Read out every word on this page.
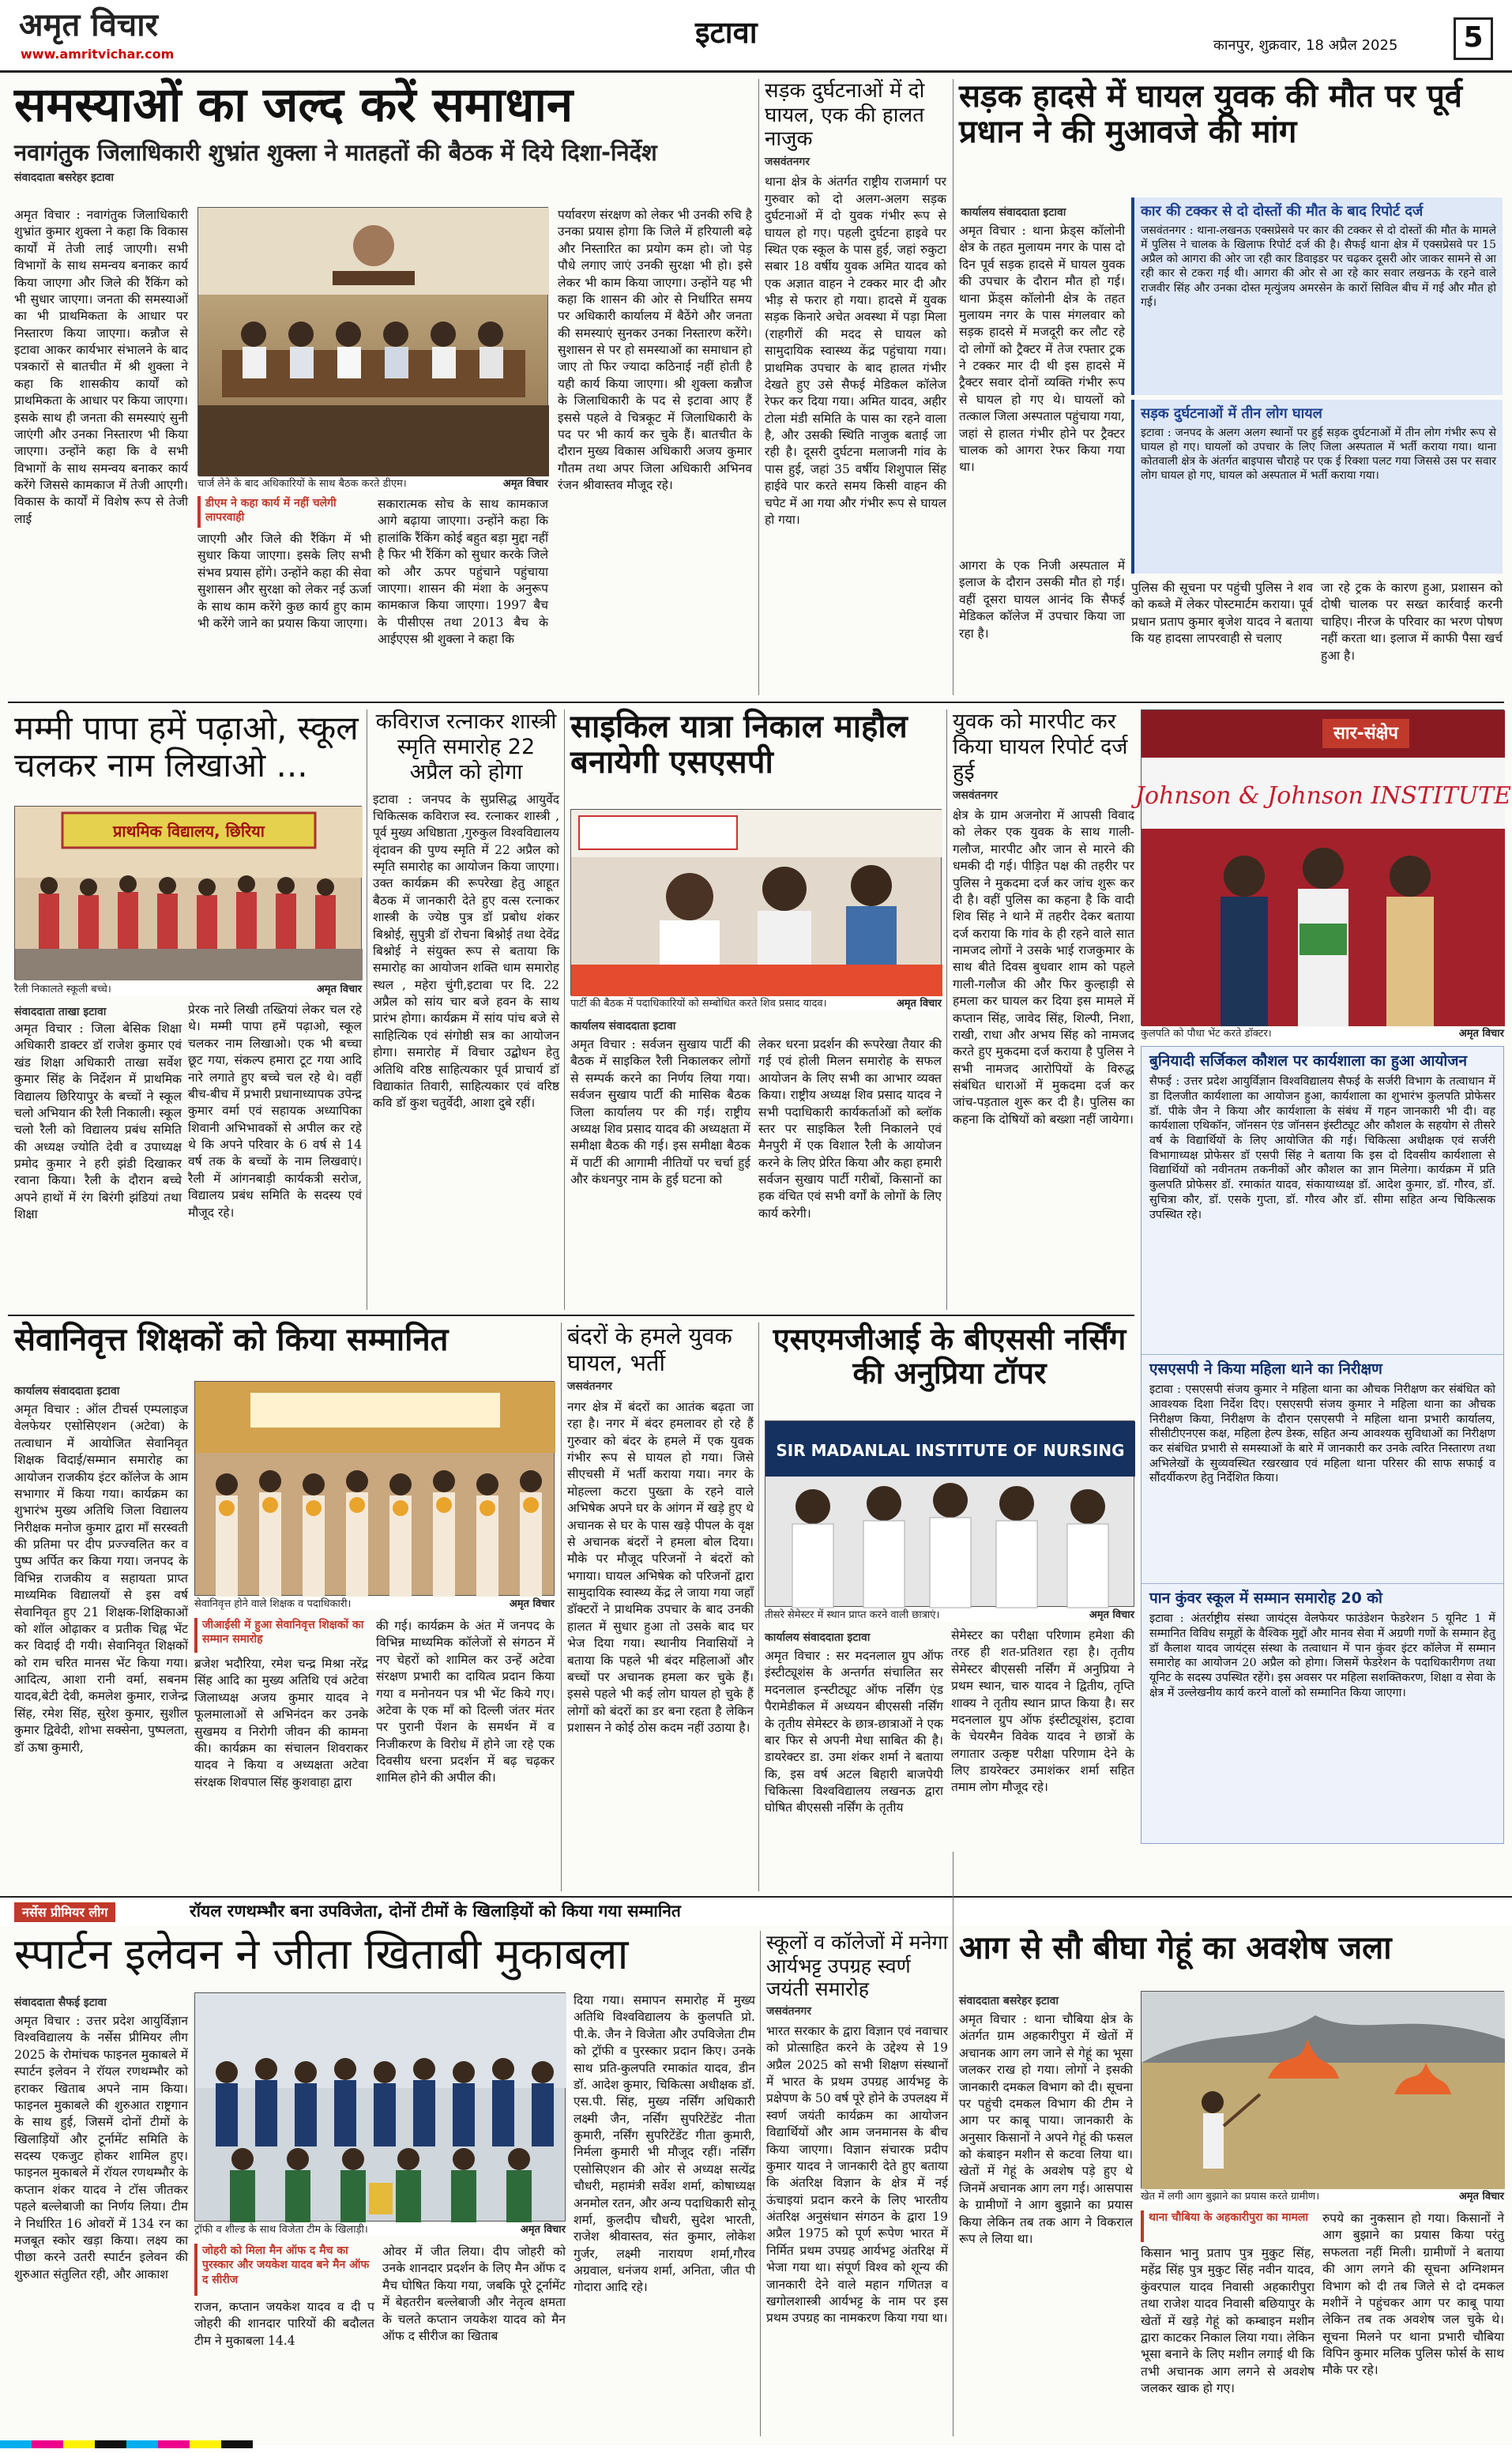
अमृत विचार
www.amritvichar.com
इटावा	कानपुर, शुक्रवार, 18 अप्रैल 2025	5
समस्याओं का जल्द करें समाधान
नवागंतुक जिलाधिकारी शुभ्रांत शुक्ला ने मातहतों की बैठक में दिये दिशा-निर्देश
संवाददाता बसरेहर इटावा
अमृत विचार : नवागंतुक जिलाधिकारी शुभ्रांत कुमार शुक्ला ने कहा कि विकास कार्यों में तेजी लाई जाएगी। सभी विभागों के साथ समन्वय बनाकर कार्य किया जाएगा और जिले की रैंकिंग को भी सुधार जाएगा। जनता की समस्याओं का भी प्राथमिकता के आधार पर निस्तारण किया जाएगा। कन्नौज से इटावा आकर कार्यभार संभालने के बाद पत्रकारों से बातचीत में श्री शुक्ला ने कहा कि शासकीय कार्यों को प्राथमिकता के आधार पर किया जाएगा। इसके साथ ही जनता की समस्याएं सुनी जाएंगी और उनका निस्तारण भी किया जाएगा। उन्होंने कहा कि वे सभी विभागों के साथ समन्वय बनाकर कार्य करेंगे जिससे कामकाज में तेजी आएगी। विकास के कार्यों में विशेष रूप से तेजी लाई
चार्ज लेने के बाद अधिकारियों के साथ बैठक करते डीएम।	अमृत विचार
पर्यावरण संरक्षण को लेकर भी उनकी रुचि है उनका प्रयास होगा कि जिले में हरियाली बढ़े और निस्तारित का प्रयोग कम हो। जो पेड़ पौधे लगाए जाएं उनकी सुरक्षा भी हो। इसे लेकर भी काम किया जाएगा। उन्होंने यह भी कहा कि शासन की ओर से निर्धारित समय पर अधिकारी कार्यालय में बैठेंगे और जनता की समस्याएं सुनकर उनका निस्तारण करेंगे। सुशासन से पर हो समस्याओं का समाधान हो जाए तो फिर ज्यादा कठिनाई नहीं होती है यही कार्य किया जाएगा। श्री शुक्ला कन्नौज के जिलाधिकारी के पद से इटावा आए हैं इससे पहले वे चित्रकूट में जिलाधिकारी के पद पर भी कार्य कर चुके हैं। बातचीत के दौरान मुख्य विकास अधिकारी अजय कुमार गौतम तथा अपर जिला अधिकारी अभिनव रंजन श्रीवास्तव मौजूद रहे।
डीएम ने कहा कार्य में नहीं चलेगी लापरवाही
जाएगी और जिले की रैंकिंग में भी सुधार किया जाएगा। इसके लिए सभी संभव प्रयास होंगे। उन्होंने कहा की सेवा सुशासन और सुरक्षा को लेकर नई ऊर्जा के साथ काम करेंगे कुछ कार्य हुए काम भी करेंगे जाने का प्रयास किया जाएगा।
सकारात्मक सोच के साथ कामकाज आगे बढ़ाया जाएगा। उन्होंने कहा कि हालांकि रैंकिंग कोई बहुत बड़ा मुद्दा नहीं है फिर भी रैंकिंग को सुधार करके जिले को और ऊपर पहुंचाने पहुंचाया जाएगा। शासन की मंशा के अनुरूप कामकाज किया जाएगा। 1997 बैच के पीसीएस तथा 2013 बैच के आईएएस श्री शुक्ला ने कहा कि
सड़क दुर्घटनाओं में दो घायल, एक की हालत नाजुक
जसवंतनगर
थाना क्षेत्र के अंतर्गत राष्ट्रीय राजमार्ग पर गुरुवार को दो अलग-अलग सड़क दुर्घटनाओं में दो युवक गंभीर रूप से घायल हो गए। पहली दुर्घटना हाइवे पर स्थित एक स्कूल के पास हुई, जहां रुकुटा सबार 18 वर्षीय युवक अमित यादव को एक अज्ञात वाहन ने टक्कर मार दी और भीड़ से फरार हो गया। हादसे में युवक सड़क किनारे अचेत अवस्था में पड़ा मिला (राहगीरों की मदद से घायल को सामुदायिक स्वास्थ्य केंद्र पहुंचाया गया। प्राथमिक उपचार के बाद हालत गंभीर देखते हुए उसे सैफई मेडिकल कॉलेज रेफर कर दिया गया। अमित यादव, अहीर टोला मंडी समिति के पास का रहने वाला है, और उसकी स्थिति नाजुक बताई जा रही है। दूसरी दुर्घटना मलाजनी गांव के पास हुई, जहां 35 वर्षीय शिशुपाल सिंह हाईवे पार करते समय किसी वाहन की चपेट में आ गया और गंभीर रूप से घायल हो गया।
सड़क हादसे में घायल युवक की मौत पर पूर्व प्रधान ने की मुआवजे की मांग
कार्यालय संवाददाता इटावा
अमृत विचार : थाना फ्रेड्स कॉलोनी क्षेत्र के तहत मुलायम नगर के पास दो दिन पूर्व सड़क हादसे में घायल युवक की उपचार के दौरान मौत हो गई। थाना फ्रेंड्स कॉलोनी क्षेत्र के तहत मुलायम नगर के पास मंगलवार को सड़क हादसे में मजदूरी कर लौट रहे दो लोगों को ट्रैक्टर में तेज रफ्तार ट्रक ने टक्कर मार दी थी इस हादसे में ट्रैक्टर सवार दोनों व्यक्ति गंभीर रूप से घायल हो गए थे। घायलों को तत्काल जिला अस्पताल पहुंचाया गया, जहां से हालत गंभीर होने पर ट्रैक्टर चालक को आगरा रेफर किया गया था।
आगरा के एक निजी अस्पताल में इलाज के दौरान उसकी मौत हो गई। वहीं दूसरा घायल आनंद कि सैफई मेडिकल कॉलेज में उपचार किया जा रहा है।
कार की टक्कर से दो दोस्तों की मौत के बाद रिपोर्ट दर्ज

जसवंतनगर : थाना-लखनऊ एक्सप्रेसवे पर कार की टक्कर से दो दोस्तों की मौत के मामले में पुलिस ने चालक के खिलाफ रिपोर्ट दर्ज की है। सैफई थाना क्षेत्र में एक्सप्रेसवे पर 15 अप्रैल को आगरा की ओर जा रही कार डिवाइडर पर चढ़कर दूसरी ओर जाकर सामने से आ रही कार से टकरा गई थी। आगरा की ओर से आ रहे कार सवार लखनऊ के रहने वाले राजवीर सिंह और उनका दोस्त मृत्युंजय अमरसेन के कारों सिविल बीच में गई और मौत हो गई।

सड़क दुर्घटनाओं में तीन लोग घायल

इटावा : जनपद के अलग अलग स्थानों पर हुई सड़क दुर्घटनाओं में तीन लोग गंभीर रूप से घायल हो गए। घायलों को उपचार के लिए जिला अस्पताल में भर्ती कराया गया। थाना कोतवाली क्षेत्र के अंतर्गत बाइपास चौराहे पर एक ई रिक्शा पलट गया जिससे उस पर सवार लोग घायल हो गए, घायल को अस्पताल में भर्ती कराया गया।

पुलिस की सूचना पर पहुंची पुलिस ने शव को कब्जे में लेकर पोस्टमार्टम कराया। पूर्व प्रधान प्रताप कुमार बृजेश यादव ने बताया कि यह हादसा लापरवाही से चलाए
जा रहे ट्रक के कारण हुआ, प्रशासन को दोषी चालक पर सख्त कार्रवाई करनी चाहिए। नीरज के परिवार का भरण पोषण नहीं करता था। इलाज में काफी पैसा खर्च हुआ है।
मम्मी पापा हमें पढ़ाओ, स्कूल चलकर नाम लिखाओ ...
प्राथमिक विद्यालय, छिरिया
रैली निकालते स्कूली बच्चे।	अमृत विचार
संवाददाता ताखा इटावा
अमृत विचार : जिला बेसिक शिक्षा अधिकारी डाक्टर डॉ राजेश कुमार एवं खंड शिक्षा अधिकारी ताखा सर्वेश कुमार सिंह के निर्देशन में प्राथमिक विद्यालय छिरियापुर के बच्चों ने स्कूल चलो अभियान की रैली निकाली। स्कूल चलो रैली को विद्यालय प्रबंध समिति की अध्यक्ष ज्योति देवी व उपाध्यक्ष प्रमोद कुमार ने हरी झंडी दिखाकर रवाना किया। रैली के दौरान बच्चे अपने हाथों में रंग बिरंगी झंडियां तथा शिक्षा
प्रेरक नारे लिखी तख्तियां लेकर चल रहे थे। मम्मी पापा हमें पढ़ाओ, स्कूल चलकर नाम लिखाओ। एक भी बच्चा छूट गया, संकल्प हमारा टूट गया आदि नारे लगाते हुए बच्चे चल रहे थे। वहीं बीच-बीच में प्रभारी प्रधानाध्यापक उपेन्द्र कुमार वर्मा एवं सहायक अध्यापिका शिवानी अभिभावकों से अपील कर रहे थे कि अपने परिवार के 6 वर्ष से 14 वर्ष तक के बच्चों के नाम लिखवाएं। रैली में आंगनबाड़ी कार्यकत्री सरोज, विद्यालय प्रबंध समिति के सदस्य एवं मौजूद रहे।
कविराज रत्नाकर शास्त्री स्मृति समारोह 22 अप्रैल को होगा
इटावा : जनपद के सुप्रसिद्ध आयुर्वेद चिकित्सक कविराज स्व. रत्नाकर शास्त्री , पूर्व मुख्य अधिष्ठाता ,गुरुकुल विश्वविद्यालय वृंदावन की पुण्य स्मृति में 22 अप्रैल को स्मृति समारोह का आयोजन किया जाएगा। उक्त कार्यक्रम की रूपरेखा हेतु आहूत बैठक में जानकारी देते हुए वत्स रत्नाकर शास्त्री के ज्येष्ठ पुत्र डॉ प्रबोध शंकर बिश्नोई, सुपुत्री डॉ रोचना बिश्नोई तथा देवेंद्र बिश्नोई ने संयुक्त रूप से बताया कि समारोह का आयोजन शक्ति धाम समारोह स्थल , महेरा चुंगी,इटावा पर दि. 22 अप्रैल को सांय चार बजे हवन के साथ प्रारंभ होगा। कार्यक्रम में सांय पांच बजे से साहित्यिक एवं संगोष्ठी सत्र का आयोजन होगा। समारोह में विचार उद्बोधन हेतु अतिथि वरिष्ठ साहित्यकार पूर्व प्राचार्य डॉ विद्याकांत तिवारी, साहित्यकार एवं वरिष्ठ कवि डॉ कुश चतुर्वेदी, आशा दुबे रहीं।
साइकिल यात्रा निकाल माहौल बनायेगी एसएसपी
पार्टी की बैठक में पदाधिकारियों को सम्बोधित करते शिव प्रसाद यादव।	अमृत विचार
कार्यालय संवाददाता इटावा
अमृत विचार : सर्वजन सुखाय पार्टी की बैठक में साइकिल रैली निकालकर लोगों से सम्पर्क करने का निर्णय लिया गया। सर्वजन सुखाय पार्टी की मासिक बैठक जिला कार्यालय पर की गई। राष्ट्रीय अध्यक्ष शिव प्रसाद यादव की अध्यक्षता में समीक्षा बैठक की गई। इस समीक्षा बैठक में पार्टी की आगामी नीतियों पर चर्चा हुई और कंधनपुर नाम के हुई घटना को
लेकर धरना प्रदर्शन की रूपरेखा तैयार की गई एवं होली मिलन समारोह के सफल आयोजन के लिए सभी का आभार व्यक्त किया। राष्ट्रीय अध्यक्ष शिव प्रसाद यादव ने सभी पदाधिकारी कार्यकर्ताओं को ब्लॉक स्तर पर साइकिल रैली निकालने एवं मैनपुरी में एक विशाल रैली के आयोजन करने के लिए प्रेरित किया और कहा हमारी सर्वजन सुखाय पार्टी गरीबों, किसानों का हक वंचित एवं सभी वर्गों के लोगों के लिए कार्य करेगी।
युवक को मारपीट कर किया घायल रिपोर्ट दर्ज हुई
जसवंतनगर
क्षेत्र के ग्राम अजनोरा में आपसी विवाद को लेकर एक युवक के साथ गाली-गलौज, मारपीट और जान से मारने की धमकी दी गई। पीड़ित पक्ष की तहरीर पर पुलिस ने मुकदमा दर्ज कर जांच शुरू कर दी है। वहीं पुलिस का कहना है कि वादी शिव सिंह ने थाने में तहरीर देकर बताया दर्ज कराया कि गांव के ही रहने वाले सात नामजद लोगों ने उसके भाई राजकुमार के साथ बीते दिवस बुधवार शाम को पहले गाली-गलौज की और फिर कुल्हाड़ी से हमला कर घायल कर दिया इस मामले में कप्तान सिंह, जावेद सिंह, शिल्पी, निशा, राखी, राधा और अभय सिंह को नामजद करते हुए मुकदमा दर्ज कराया है पुलिस ने सभी नामजद आरोपियों के विरुद्ध संबंधित धाराओं में मुकदमा दर्ज कर जांच-पड़ताल शुरू कर दी है। पुलिस का कहना कि दोषियों को बख्शा नहीं जायेगा।
Johnson & Johnson INSTITUTE
सार-संक्षेप
कुलपति को पौधा भेंट करते डॉक्टर।	अमृत विचार
बुनियादी सर्जिकल कौशल पर कार्यशाला का हुआ आयोजन

सैफई : उत्तर प्रदेश आयुर्विज्ञान विश्वविद्यालय सैफई के सर्जरी विभाग के तत्वाधान में डा दिलजीत कार्यशाला का आयोजन हुआ, कार्यशाला का शुभारंभ कुलपति प्रोफेसर डॉ. पीके जैन ने किया और कार्यशाला के संबंध में गहन जानकारी भी दी। वह कार्यशाला एथिकॉन, जॉनसन एंड जॉनसन इंस्टीट्यूट और कौशल के सहयोग से तीसरे वर्ष के विद्यार्थियों के लिए आयोजित की गई। चिकित्सा अधीक्षक एवं सर्जरी विभागाध्यक्ष प्रोफेसर डॉ एसपी सिंह ने बताया कि इस दो दिवसीय कार्यशाला से विद्यार्थियों को नवीनतम तकनीकों और कौशल का ज्ञान मिलेगा। कार्यक्रम में प्रति कुलपति प्रोफेसर डॉ. रमाकांत यादव, संकायाध्यक्ष डॉ. आदेश कुमार, डॉ. गौरव, डॉ. सुचित्रा कौर, डॉ. एसके गुप्ता, डॉ. गौरव और डॉ. सीमा सहित अन्य चिकित्सक उपस्थित रहे।

एसएसपी ने किया महिला थाने का निरीक्षण

इटावा : एसएसपी संजय कुमार ने महिला थाना का औचक निरीक्षण कर संबंधित को आवश्यक दिशा निर्देश दिए। एसएसपी संजय कुमार ने महिला थाना का औचक निरीक्षण किया, निरीक्षण के दौरान एसएसपी ने महिला थाना प्रभारी कार्यालय, सीसीटीएनएस कक्ष, महिला हेल्प डेस्क, सहित अन्य आवश्यक सुविधाओं का निरीक्षण कर संबंधित प्रभारी से समस्याओं के बारे में जानकारी कर उनके त्वरित निस्तारण तथा अभिलेखों के सुव्यवस्थित रखरखाव एवं महिला थाना परिसर की साफ सफाई व सौंदर्यीकरण हेतु निर्देशित किया।

पान कुंवर स्कूल में सम्मान समारोह 20 को

इटावा : अंतर्राष्ट्रीय संस्था जायंट्स वेलफेयर फाउंडेशन फेडरेशन 5 यूनिट 1 में सम्मानित विविध समूहों के वैश्विक मुद्दों और मानव सेवा में अग्रणी गणों के सम्मान हेतु डॉ कैलाश यादव जायंट्स संस्था के तत्वाधान में पान कुंवर इंटर कॉलेज में सम्मान समारोह का आयोजन 20 अप्रैल को होगा। जिसमें फेडरेशन के पदाधिकारीगण तथा यूनिट के सदस्य उपस्थित रहेंगे। इस अवसर पर महिला सशक्तिकरण, शिक्षा व सेवा के क्षेत्र में उल्लेखनीय कार्य करने वालों को सम्मानित किया जाएगा।

सेवानिवृत्त शिक्षकों को किया सम्मानित
कार्यालय संवाददाता इटावा
अमृत विचार : ऑल टीचर्स एम्पलाइज वेलफेयर एसोसिएशन (अटेवा) के तत्वाधान में आयोजित सेवानिवृत शिक्षक विदाई/सम्मान समारोह का आयोजन राजकीय इंटर कॉलेज के आम सभागार में किया गया। कार्यक्रम का शुभारंभ मुख्य अतिथि जिला विद्यालय निरीक्षक मनोज कुमार द्वारा माँ सरस्वती की प्रतिमा पर दीप प्रज्ज्वलित कर व पुष्प अर्पित कर किया गया। जनपद के विभिन्न राजकीय व सहायता प्राप्त माध्यमिक विद्यालयों से इस वर्ष सेवानिवृत हुए 21 शिक्षक-शिक्षिकाओं को शॉल ओढ़ाकर व प्रतीक चिह्न भेंट कर विदाई दी गयी। सेवानिवृत शिक्षकों को राम चरित मानस भेंट किया गया। आदित्य, आशा रानी वर्मा, सबनम यादव,बेटी देवी, कमलेश कुमार, राजेन्द्र सिंह, रमेश सिंह, सुरेश कुमार, सुशील कुमार द्विवेदी, शोभा सक्सेना, पुष्पलता, डॉ ऊषा कुमारी,
सेवानिवृत्त होने वाले शिक्षक व पदाधिकारी।	अमृत विचार
जीआईसी में हुआ सेवानिवृत्त शिक्षकों का सम्मान समारोह
ब्रजेश भदौरिया, रमेश चन्द्र मिश्रा नरेंद्र सिंह आदि का मुख्य अतिथि एवं अटेवा जिलाध्यक्ष अजय कुमार यादव ने फूलमालाओं से अभिनंदन कर उनके सुखमय व निरोगी जीवन की कामना की। कार्यक्रम का संचालन शिवराकर यादव ने किया व अध्यक्षता अटेवा संरक्षक शिवपाल सिंह कुशवाहा द्वारा
की गई। कार्यक्रम के अंत में जनपद के विभिन्न माध्यमिक कॉलेजों से संगठन में नए चेहरों को शामिल कर उन्हें अटेवा संरक्षण प्रभारी का दायित्व प्रदान किया गया व मनोनयन पत्र भी भेंट किये गए। अटेवा के एक माँ को दिल्ली जंतर मंतर पर पुरानी पेंशन के समर्थन में व निजीकरण के विरोध में होने जा रहे एक दिवसीय धरना प्रदर्शन में बढ़ चढ़कर शामिल होने की अपील की।
बंदरों के हमले युवक घायल, भर्ती
जसवंतनगर
नगर क्षेत्र में बंदरों का आतंक बढ़ता जा रहा है। नगर में बंदर हमलावर हो रहे हैं गुरुवार को बंदर के हमले में एक युवक गंभीर रूप से घायल हो गया। जिसे सीएचसी में भर्ती कराया गया। नगर के मोहल्ला कटरा पुख्ता के रहने वाले अभिषेक अपने घर के आंगन में खड़े हुए थे अचानक से घर के पास खड़े पीपल के वृक्ष से अचानक बंदरों ने हमला बोल दिया। मौके पर मौजूद परिजनों ने बंदरों को भगाया। घायल अभिषेक को परिजनों द्वारा सामुदायिक स्वास्थ्य केंद्र ले जाया गया जहाँ डॉक्टरों ने प्राथमिक उपचार के बाद उनकी हालत में सुधार हुआ तो उसके बाद घर भेज दिया गया। स्थानीय निवासियों ने बताया कि पहले भी बंदर महिलाओं और बच्चों पर अचानक हमला कर चुके हैं। इससे पहले भी कई लोग घायल हो चुके हैं लोगों को बंदरों का डर बना रहता है लेकिन प्रशासन ने कोई ठोस कदम नहीं उठाया है।
एसएमजीआई के बीएससी नर्सिंग की अनुप्रिया टॉपर
SIR MADANLAL INSTITUTE OF NURSING
तीसरे सेमेस्टर में स्थान प्राप्त करने वाली छात्राएं।	अमृत विचार
कार्यालय संवाददाता इटावा
अमृत विचार : सर मदनलाल ग्रुप ऑफ इंस्टीट्यूशंस के अन्तर्गत संचालित सर मदनलाल इन्स्टीट्यूट ऑफ नर्सिंग एंड पैरामेडीकल में अध्ययन बीएससी नर्सिंग के तृतीय सेमेस्टर के छात्र-छात्राओं ने एक बार फिर से अपनी मेधा साबित की है। डायरेक्टर डा. उमा शंकर शर्मा ने बताया कि, इस वर्ष अटल बिहारी बाजपेयी चिकित्सा विश्वविद्यालय लखनऊ द्वारा घोषित बीएससी नर्सिंग के तृतीय
सेमेस्टर का परीक्षा परिणाम हमेशा की तरह ही शत-प्रतिशत रहा है। तृतीय सेमेस्टर बीएससी नर्सिंग में अनुप्रिया ने प्रथम स्थान, चारु यादव ने द्वितीय, तृप्ति शाक्य ने तृतीय स्थान प्राप्त किया है। सर मदनलाल ग्रुप ऑफ इंस्टीट्यूशंस, इटावा के चेयरमैन विवेक यादव ने छात्रों के लगातार उत्कृष्ट परीक्षा परिणाम देने के लिए डायरेक्टर उमाशंकर शर्मा सहित तमाम लोग मौजूद रहे।
नर्सेस प्रीमियर लीग	रॉयल रणथम्भौर बना उपविजेता, दोनों टीमों के खिलाड़ियों को किया गया सम्मानित
स्पार्टन इलेवन ने जीता खिताबी मुकाबला
संवाददाता सैफई इटावा
अमृत विचार : उत्तर प्रदेश आयुर्विज्ञान विश्वविद्यालय के नर्सेस प्रीमियर लीग 2025 के रोमांचक फाइनल मुकाबले में स्पार्टन इलेवन ने रॉयल रणथम्भौर को हराकर खिताब अपने नाम किया। फाइनल मुकाबले की शुरुआत राष्ट्रगान के साथ हुई, जिसमें दोनों टीमों के खिलाड़ियों और टूर्नामेंट समिति के सदस्य एकजुट होकर शामिल हुए। फाइनल मुकाबले में रॉयल रणथम्भौर के कप्तान शंकर यादव ने टॉस जीतकर पहले बल्लेबाजी का निर्णय लिया। टीम ने निर्धारित 16 ओवरों में 134 रन का मजबूत स्कोर खड़ा किया। लक्ष्य का पीछा करने उतरी स्पार्टन इलेवन की शुरुआत संतुलित रही, और आकाश
ट्रॉफी व शील्ड के साथ विजेता टीम के खिलाड़ी।	अमृत विचार
जोहरी को मिला मैन ऑफ द मैच का पुरस्कार और जयकेश यादव बने मैन ऑफ द सीरीज
राजन, कप्तान जयकेश यादव व दी प जोहरी की शानदार पारियों की बदौलत टीम ने मुकाबला 14.4
ओवर में जीत लिया। दीप जोहरी को उनके शानदार प्रदर्शन के लिए मैन ऑफ द मैच घोषित किया गया, जबकि पूरे टूर्नामेंट में बेहतरीन बल्लेबाजी और नेतृत्व क्षमता के चलते कप्तान जयकेश यादव को मैन ऑफ द सीरीज का खिताब
दिया गया। समापन समारोह में मुख्य अतिथि विश्वविद्यालय के कुलपति प्रो. पी.के. जैन ने विजेता और उपविजेता टीम को ट्रॉफी व पुरस्कार प्रदान किए। उनके साथ प्रति-कुलपति रमाकांत यादव, डीन डॉ. आदेश कुमार, चिकित्सा अधीक्षक डॉ. एस.पी. सिंह, मुख्य नर्सिंग अधिकारी लक्ष्मी जैन, नर्सिंग सुपरिटेंडेंट नीता कुमारी, नर्सिंग सुपरिटेंडेंट गीता कुमारी, निर्मला कुमारी भी मौजूद रहीं। नर्सिंग एसोसिएशन की ओर से अध्यक्ष सत्येंद्र चौधरी, महामंत्री सर्वेश शर्मा, कोषाध्यक्ष अनमोल रतन, और अन्य पदाधिकारी सोनू शर्मा, कुलदीप चौधरी, सुदेश भारती, राजेश श्रीवास्तव, संत कुमार, लोकेश गुर्जर, लक्ष्मी नारायण शर्मा,गौरव अग्रवाल, धनंजय शर्मा, अनिता, जीत पी गोदारा आदि रहे।
स्कूलों व कॉलेजों में मनेगा आर्यभट्ट उपग्रह स्वर्ण जयंती समारोह
जसवंतनगर
भारत सरकार के द्वारा विज्ञान एवं नवाचार को प्रोत्साहित करने के उद्देश्य से 19 अप्रैल 2025 को सभी शिक्षण संस्थानों में भारत के प्रथम उपग्रह आर्यभट्ट के प्रक्षेपण के 50 वर्ष पूरे होने के उपलक्ष्य में स्वर्ण जयंती कार्यक्रम का आयोजन विद्यार्थियों और आम जनमानस के बीच किया जाएगा। विज्ञान संचारक प्रदीप कुमार यादव ने जानकारी देते हुए बताया कि अंतरिक्ष विज्ञान के क्षेत्र में नई ऊंचाइयां प्रदान करने के लिए भारतीय अंतरिक्ष अनुसंधान संगठन के द्वारा 19 अप्रैल 1975 को पूर्ण रूपेण भारत में निर्मित प्रथम उपग्रह आर्यभट्ट अंतरिक्ष में भेजा गया था। संपूर्ण विश्व को शून्य की जानकारी देने वाले महान गणितज्ञ व खगोलशास्त्री आर्यभट्ट के नाम पर इस प्रथम उपग्रह का नामकरण किया गया था।
आग से सौ बीघा गेहूं का अवशेष जला
संवाददाता बसरेहर इटावा
अमृत विचार : थाना चौबिया क्षेत्र के अंतर्गत ग्राम अहकारीपुरा में खेतों में अचानक आग लग जाने से गेहूं का भूसा जलकर राख हो गया। लोगों ने इसकी जानकारी दमकल विभाग को दी। सूचना पर पहुंची दमकल विभाग की टीम ने आग पर काबू पाया। जानकारी के अनुसार किसानों ने अपने गेहूं की फसल को कंबाइन मशीन से कटवा लिया था। खेतों में गेहूं के अवशेष पड़े हुए थे जिनमें अचानक आग लग गई। आसपास के ग्रामीणों ने आग बुझाने का प्रयास किया लेकिन तब तक आग ने विकराल रूप ले लिया था।
खेत में लगी आग बुझाने का प्रयास करते ग्रामीण।	अमृत विचार
थाना चौबिया के अहकारीपुरा का मामला
किसान भानु प्रताप पुत्र मुकुट सिंह, महेंद्र सिंह पुत्र मुकुट सिंह नवीन यादव, कुंवरपाल यादव निवासी अहकारीपुरा तथा राजेश यादव निवासी बछियापुर के खेतों में खड़े गेहूं को कम्बाइन मशीन द्वारा काटकर निकाल लिया गया। लेकिन भूसा बनाने के लिए मशीन लगाई थी कि तभी अचानक आग लगने से अवशेष जलकर खाक हो गए।
रुपये का नुकसान हो गया। किसानों ने आग बुझाने का प्रयास किया परंतु सफलता नहीं मिली। ग्रामीणों ने बताया की आग लगने की सूचना अग्निशमन विभाग को दी तब जिले से दो दमकल मशीनें ने पहुंचकर आग पर काबू पाया लेकिन तब तक अवशेष जल चुके थे। सूचना मिलने पर थाना प्रभारी चौबिया विपिन कुमार मलिक पुलिस फोर्स के साथ मौके पर रहे।
